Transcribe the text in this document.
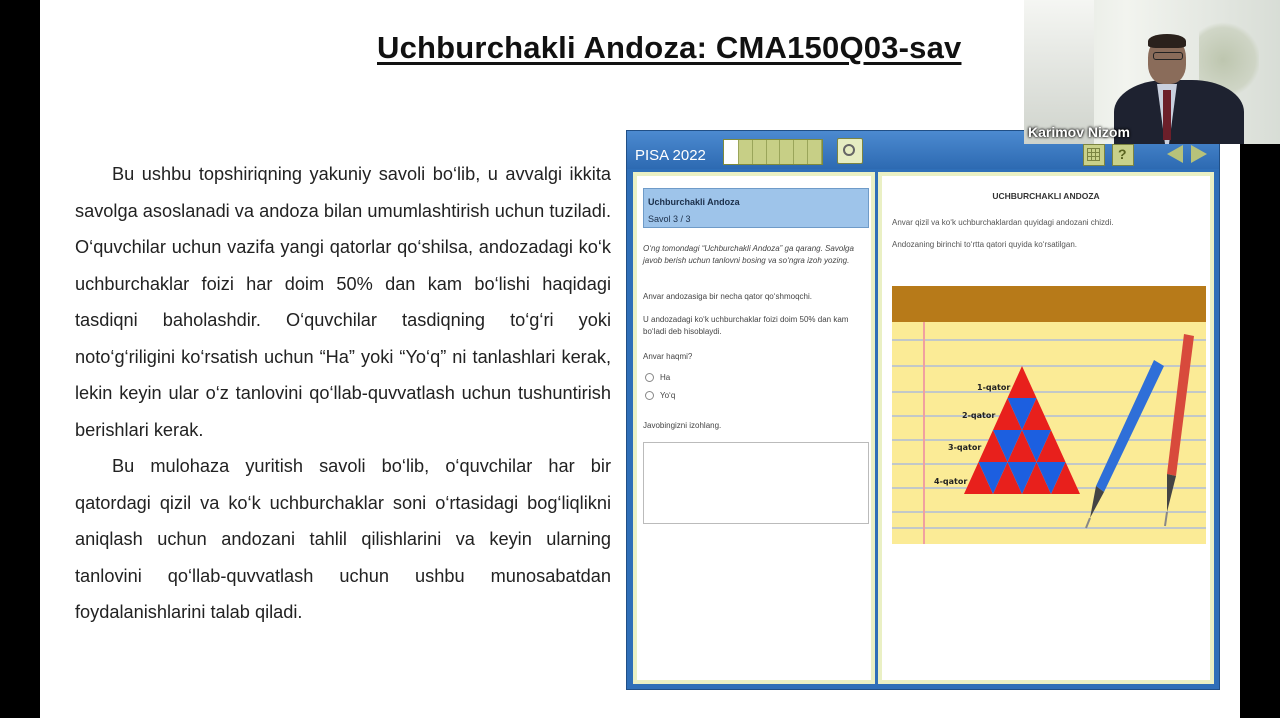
Uchburchakli Andoza: CMA150Q03-sav

Bu ushbu topshiriqning yakuniy savoli bo‘lib, u avvalgi ikkita savolga asoslanadi va andoza bilan umumlashtirish uchun tuziladi. O‘quvchilar uchun vazifa yangi qatorlar qo‘shilsa, andozadagi ko‘k uchburchaklar foizi har doim 50% dan kam bo‘lishi haqidagi tasdiqni baholashdir. O‘quvchilar tasdiqning to‘g‘ri yoki noto‘g‘riligini ko‘rsatish uchun “Ha” yoki “Yo‘q” ni tanlashlari kerak, lekin keyin ular o‘z tanlovini qo‘llab-quvvatlash uchun tushuntirish berishlari kerak.

Bu mulohaza yuritish savoli bo‘lib, o‘quvchilar har bir qatordagi qizil va ko‘k uchburchaklar soni o‘rtasidagi bog‘liqlikni aniqlash uchun andozani tahlil qilishlarini va keyin ularning tanlovini qo‘llab-quvvatlash uchun ushbu munosabatdan foydalanishlarini talab qiladi.

PISA 2022
?
Uchburchakli Andoza
Savol 3 / 3
O‘ng tomondagi “Uchburchakli Andoza” ga qarang. Savolga javob berish uchun tanlovni bosing va so‘ngra izoh yozing.
Anvar andozasiga bir necha qator qo‘shmoqchi.
U andozadagi ko‘k uchburchaklar foizi doim 50% dan kam bo‘ladi deb hisoblaydi.
Anvar haqmi?
Ha
Yo‘q
Javobingizni izohlang.
UCHBURCHAKLI ANDOZA
Anvar qizil va ko‘k uchburchaklardan quyidagi andozani chizdi.
Andozaning birinchi to‘rtta qatori quyida ko‘rsatilgan.
1-qator
2-qator
3-qator
4-qator
Karimov Nizom
